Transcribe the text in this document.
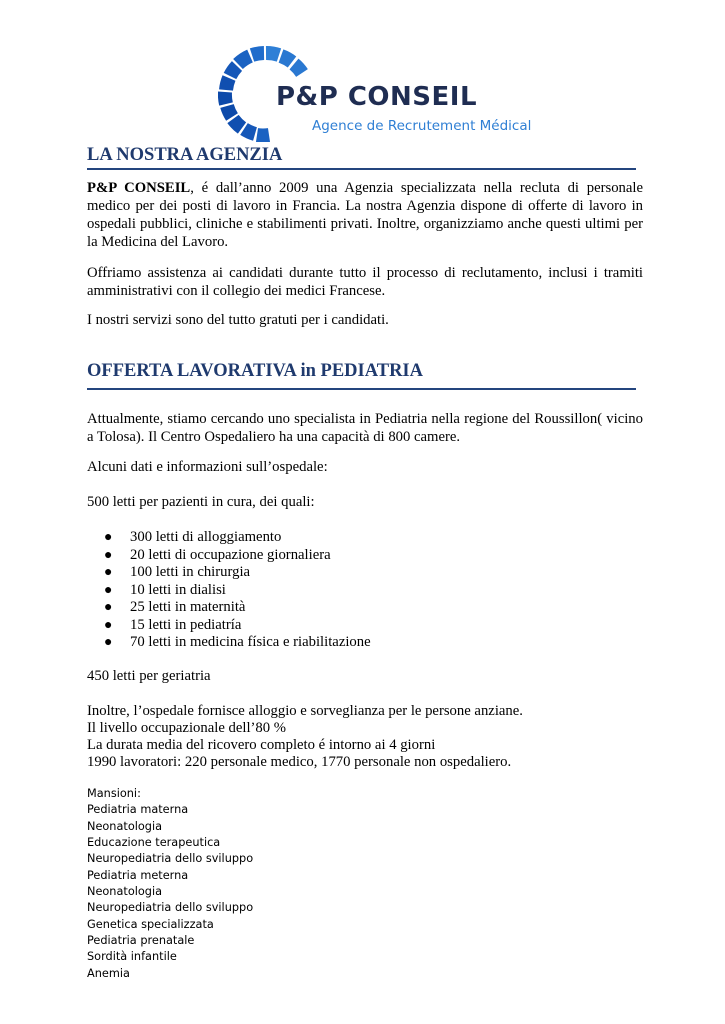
P&P CONSEIL
Agence de Recrutement Médical
LA NOSTRA AGENZIA

P&P CONSEIL, é dall’anno 2009 una Agenzia specializzata nella recluta di personale medico per dei posti di lavoro in Francia. La nostra Agenzia dispone di offerte di lavoro in ospedali pubblici, cliniche e stabilimenti privati. Inoltre, organizziamo anche questi ultimi per la Medicina del Lavoro.

Offriamo assistenza ai candidati durante tutto il processo di reclutamento, inclusi i tramiti amministrativi con il collegio dei medici Francese.

I nostri servizi sono del tutto gratuti per i candidati.

OFFERTA LAVORATIVA in PEDIATRIA

Attualmente, stiamo cercando uno specialista in Pediatria nella regione del Roussillon( vicino a Tolosa). Il Centro Ospedaliero ha una capacità di 800 camere.

Alcuni dati e informazioni sull’ospedale:
500 letti per pazienti in cura, dei quali:
● 300 letti di alloggiamento
● 20 letti di occupazione giornaliera
● 100 letti in chirurgia
● 10 letti in dialisi
● 25 letti in maternità
● 15 letti in pediatría
● 70 letti in medicina física e riabilitazione
450 letti per geriatria
Inoltre, l’ospedale fornisce alloggio e sorveglianza per le persone anziane.
Il livello occupazionale dell’80 %
La durata media del ricovero completo é intorno ai 4 giorni
1990 lavoratori: 220 personale medico, 1770 personale non ospedaliero.
Mansioni:
Pediatria materna
Neonatologia
Educazione terapeutica
Neuropediatria dello sviluppo
Pediatria meterna
Neonatologia
Neuropediatria dello sviluppo
Genetica specializzata
Pediatria prenatale
Sordità infantile
Anemia
